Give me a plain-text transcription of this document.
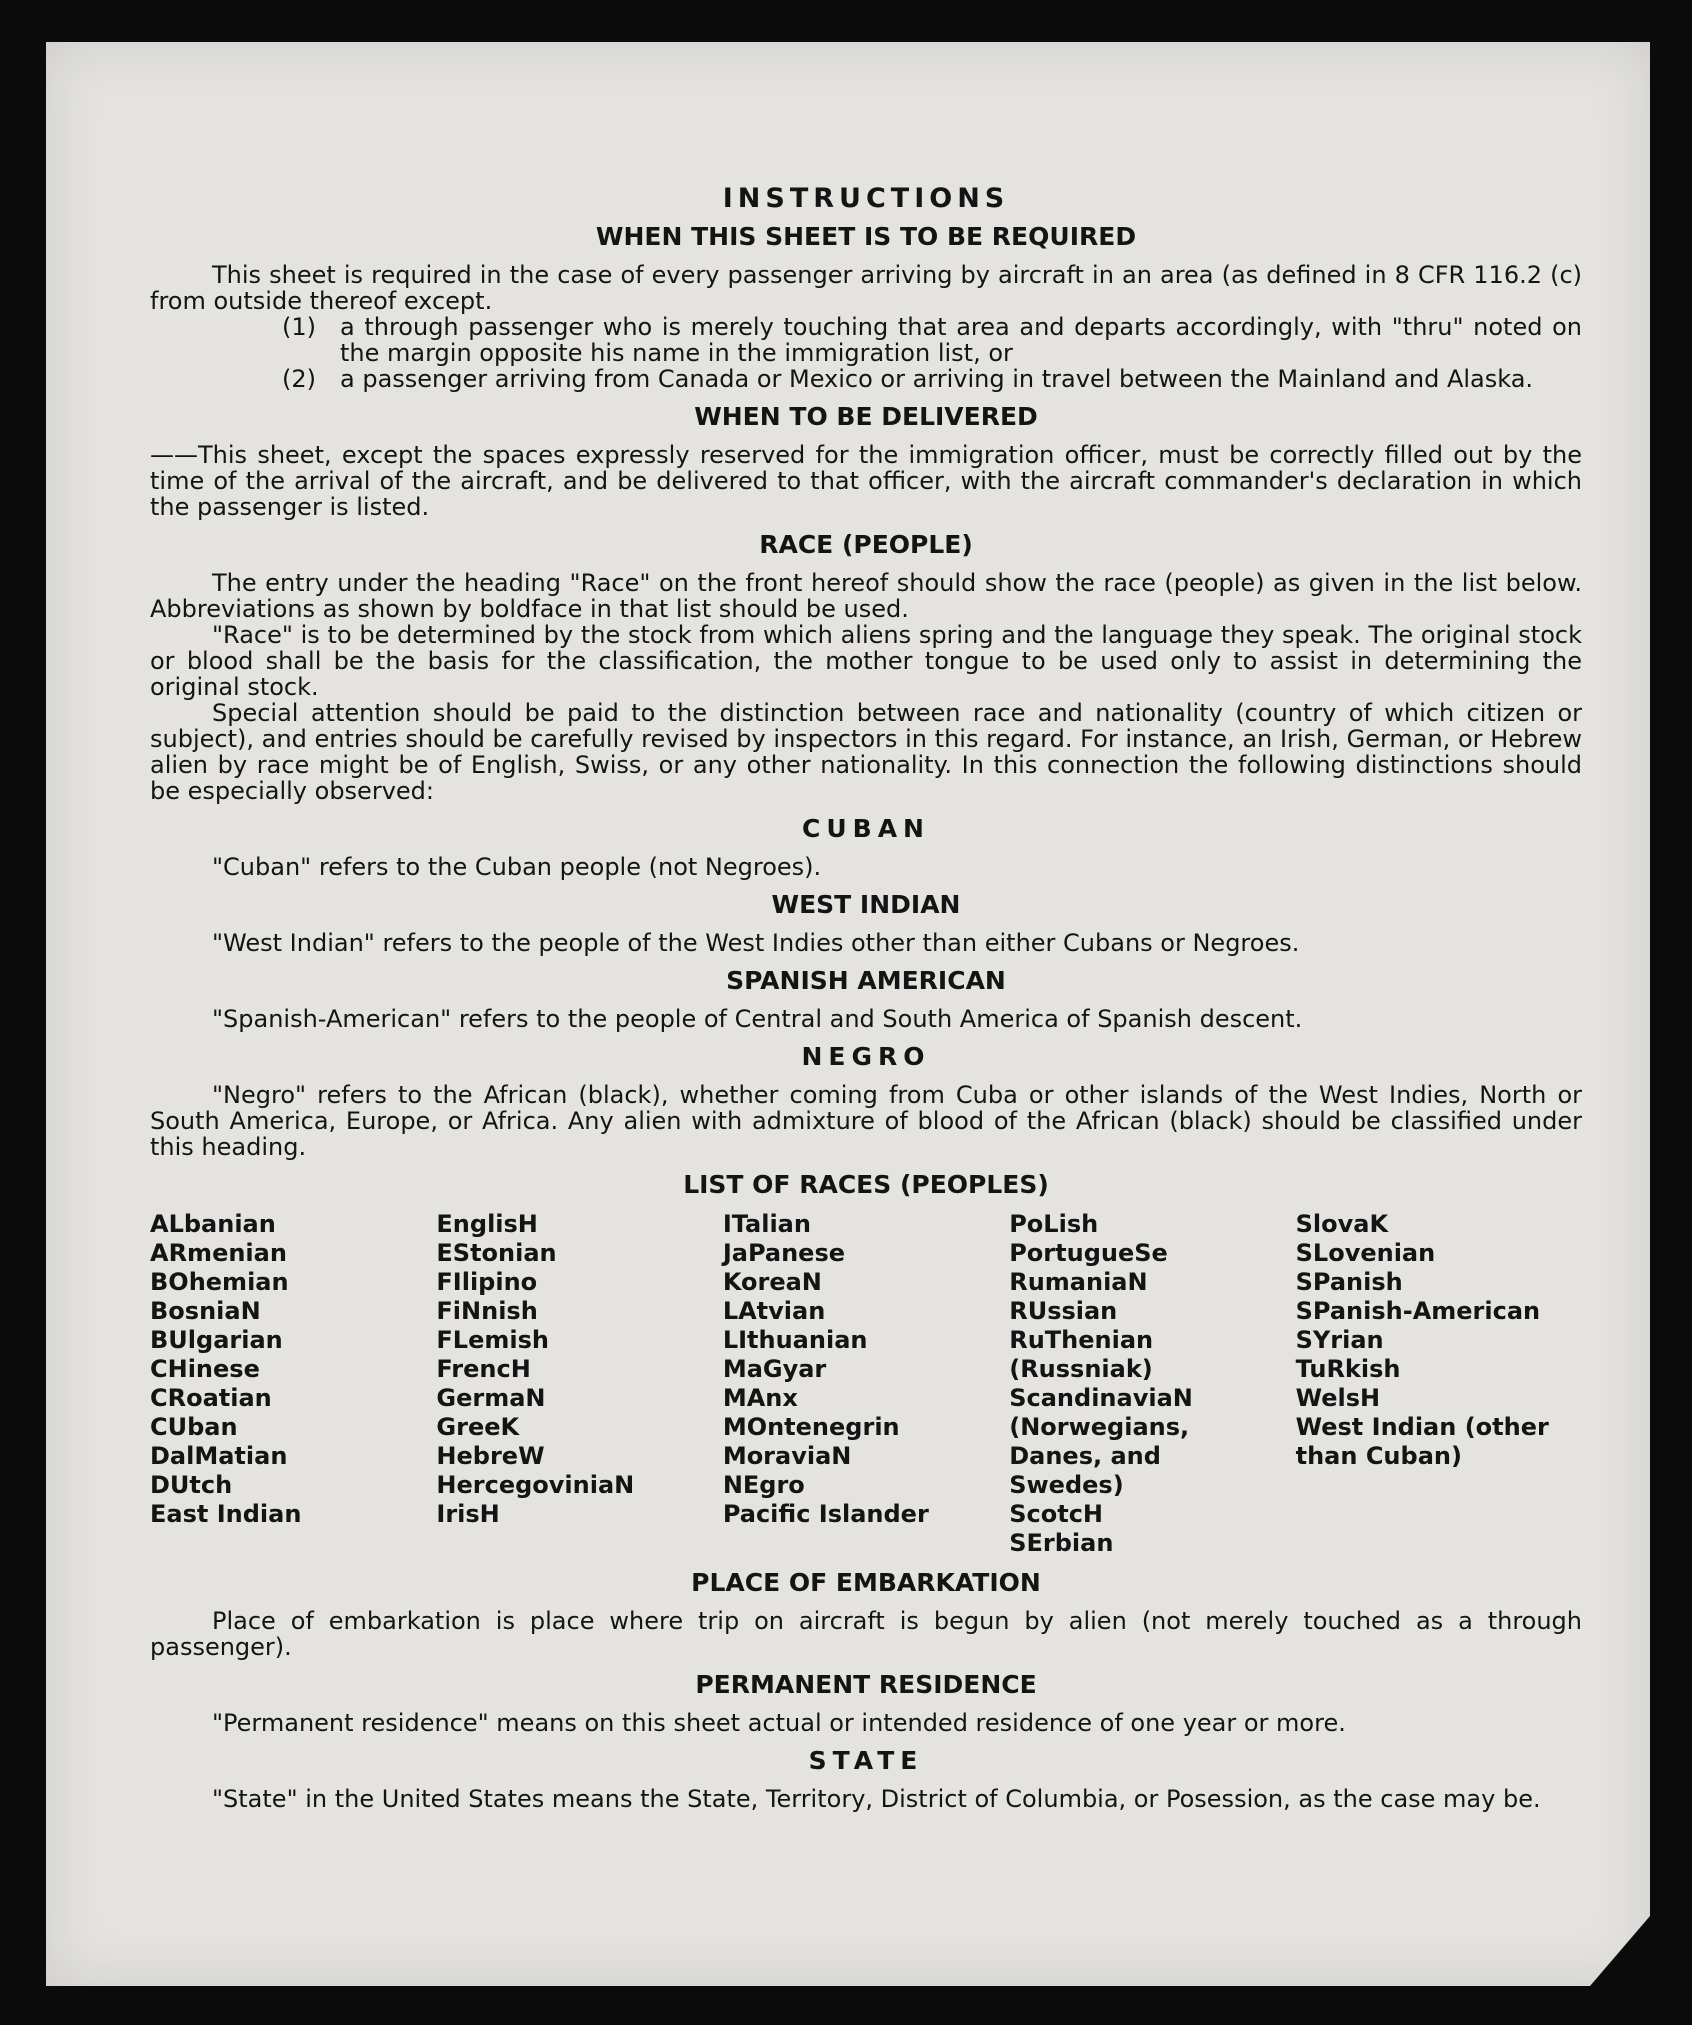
INSTRUCTIONS
WHEN THIS SHEET IS TO BE REQUIRED

This sheet is required in the case of every passenger arriving by aircraft in an area (as defined in 8 CFR 116.2 (c) from outside thereof except.

(1)	a through passenger who is merely touching that area and departs accordingly, with "thru" noted on the margin opposite his name in the immigration list, or
(2)	a passenger arriving from Canada or Mexico or arriving in travel between the Mainland and Alaska.
WHEN TO BE DELIVERED

——This sheet, except the spaces expressly reserved for the immigration officer, must be correctly filled out by the time of the arrival of the aircraft, and be delivered to that officer, with the aircraft commander's declaration in which the passenger is listed.

RACE (PEOPLE)

The entry under the heading "Race" on the front hereof should show the race (people) as given in the list below. Abbreviations as shown by boldface in that list should be used.

"Race" is to be determined by the stock from which aliens spring and the language they speak. The original stock or blood shall be the basis for the classification, the mother tongue to be used only to assist in determining the original stock.

Special attention should be paid to the distinction between race and nationality (country of which citizen or subject), and entries should be carefully revised by inspectors in this regard. For instance, an Irish, German, or Hebrew alien by race might be of English, Swiss, or any other nationality. In this connection the following distinctions should be especially observed:

CUBAN

"Cuban" refers to the Cuban people (not Negroes).

WEST INDIAN

"West Indian" refers to the people of the West Indies other than either Cubans or Negroes.

SPANISH AMERICAN

"Spanish-American" refers to the people of Central and South America of Spanish descent.

NEGRO

"Negro" refers to the African (black), whether coming from Cuba or other islands of the West Indies, North or South America, Europe, or Africa. Any alien with admixture of blood of the African (black) should be classified under this heading.

LIST OF RACES (PEOPLES)
ALbanian
ARmenian
BOhemian
BosniaN
BUlgarian
CHinese
CRoatian
CUban
DalMatian
DUtch
East Indian
EnglisH
EStonian
FIlipino
FiNnish
FLemish
FrencH
GermaN
GreeK
HebreW
HercegoviniaN
IrisH
ITalian
JaPanese
KoreaN
LAtvian
LIthuanian
MaGyar
MAnx
MOntenegrin
MoraviaN
NEgro
Pacific Islander
PoLish
PortugueSe
RumaniaN
RUssian
RuThenian (Russniak)
ScandinaviaN
(Norwegians,
Danes, and
Swedes)
ScotcH
SErbian
SlovaK
SLovenian
SPanish
SPanish-American
SYrian
TuRkish
WelsH
West Indian (other
than Cuban)
PLACE OF EMBARKATION

Place of embarkation is place where trip on aircraft is begun by alien (not merely touched as a through passenger).

PERMANENT RESIDENCE

"Permanent residence" means on this sheet actual or intended residence of one year or more.

STATE

"State" in the United States means the State, Territory, District of Columbia, or Posession, as the case may be.
